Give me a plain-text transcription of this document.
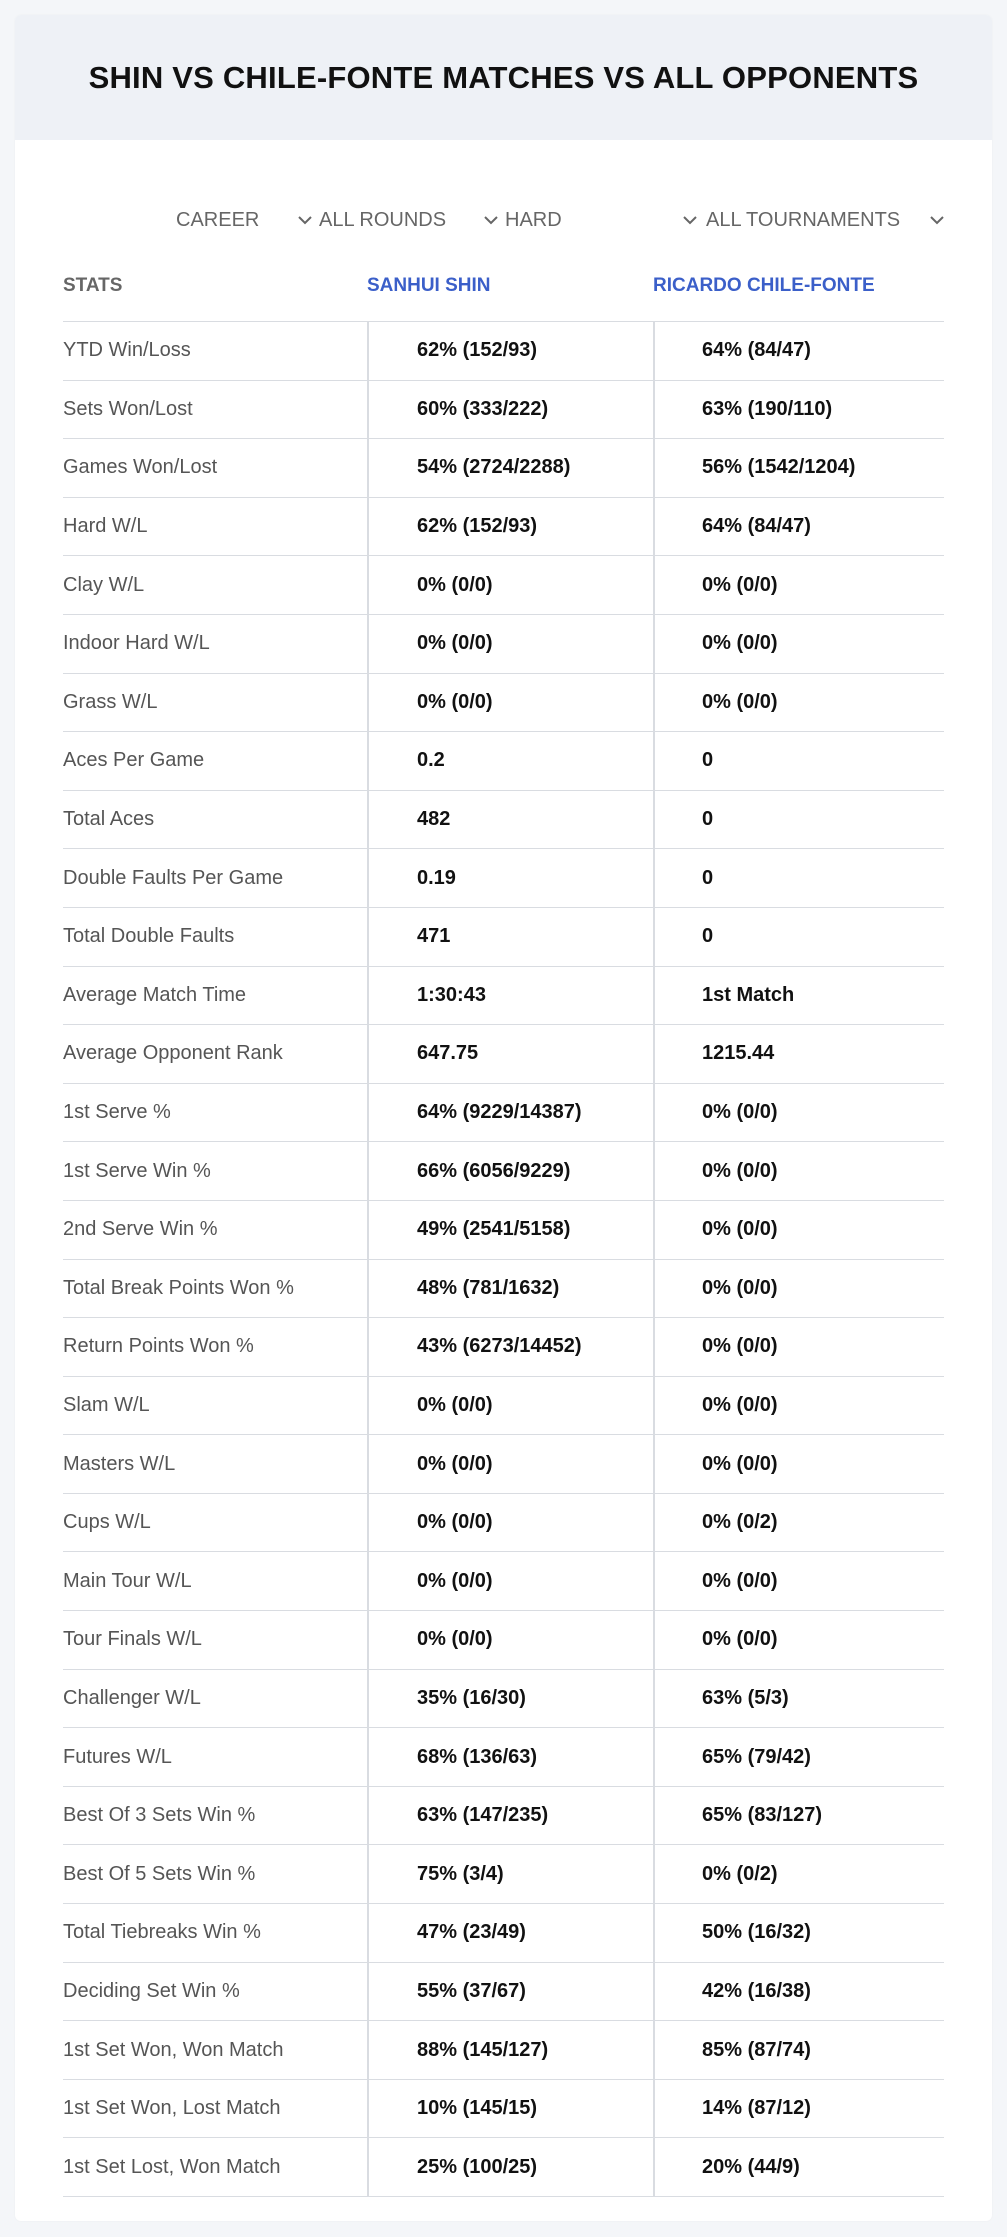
SHIN VS CHILE-FONTE MATCHES VS ALL OPPONENTS
CAREER	ALL ROUNDS	HARD	ALL TOURNAMENTS
STATS	SANHUI SHIN	RICARDO CHILE-FONTE
YTD Win/Loss	62% (152/93)	64% (84/47)
Sets Won/Lost	60% (333/222)	63% (190/110)
Games Won/Lost	54% (2724/2288)	56% (1542/1204)
Hard W/L	62% (152/93)	64% (84/47)
Clay W/L	0% (0/0)	0% (0/0)
Indoor Hard W/L	0% (0/0)	0% (0/0)
Grass W/L	0% (0/0)	0% (0/0)
Aces Per Game	0.2	0
Total Aces	482	0
Double Faults Per Game	0.19	0
Total Double Faults	471	0
Average Match Time	1:30:43	1st Match
Average Opponent Rank	647.75	1215.44
1st Serve %	64% (9229/14387)	0% (0/0)
1st Serve Win %	66% (6056/9229)	0% (0/0)
2nd Serve Win %	49% (2541/5158)	0% (0/0)
Total Break Points Won %	48% (781/1632)	0% (0/0)
Return Points Won %	43% (6273/14452)	0% (0/0)
Slam W/L	0% (0/0)	0% (0/0)
Masters W/L	0% (0/0)	0% (0/0)
Cups W/L	0% (0/0)	0% (0/2)
Main Tour W/L	0% (0/0)	0% (0/0)
Tour Finals W/L	0% (0/0)	0% (0/0)
Challenger W/L	35% (16/30)	63% (5/3)
Futures W/L	68% (136/63)	65% (79/42)
Best Of 3 Sets Win %	63% (147/235)	65% (83/127)
Best Of 5 Sets Win %	75% (3/4)	0% (0/2)
Total Tiebreaks Win %	47% (23/49)	50% (16/32)
Deciding Set Win %	55% (37/67)	42% (16/38)
1st Set Won, Won Match	88% (145/127)	85% (87/74)
1st Set Won, Lost Match	10% (145/15)	14% (87/12)
1st Set Lost, Won Match	25% (100/25)	20% (44/9)
